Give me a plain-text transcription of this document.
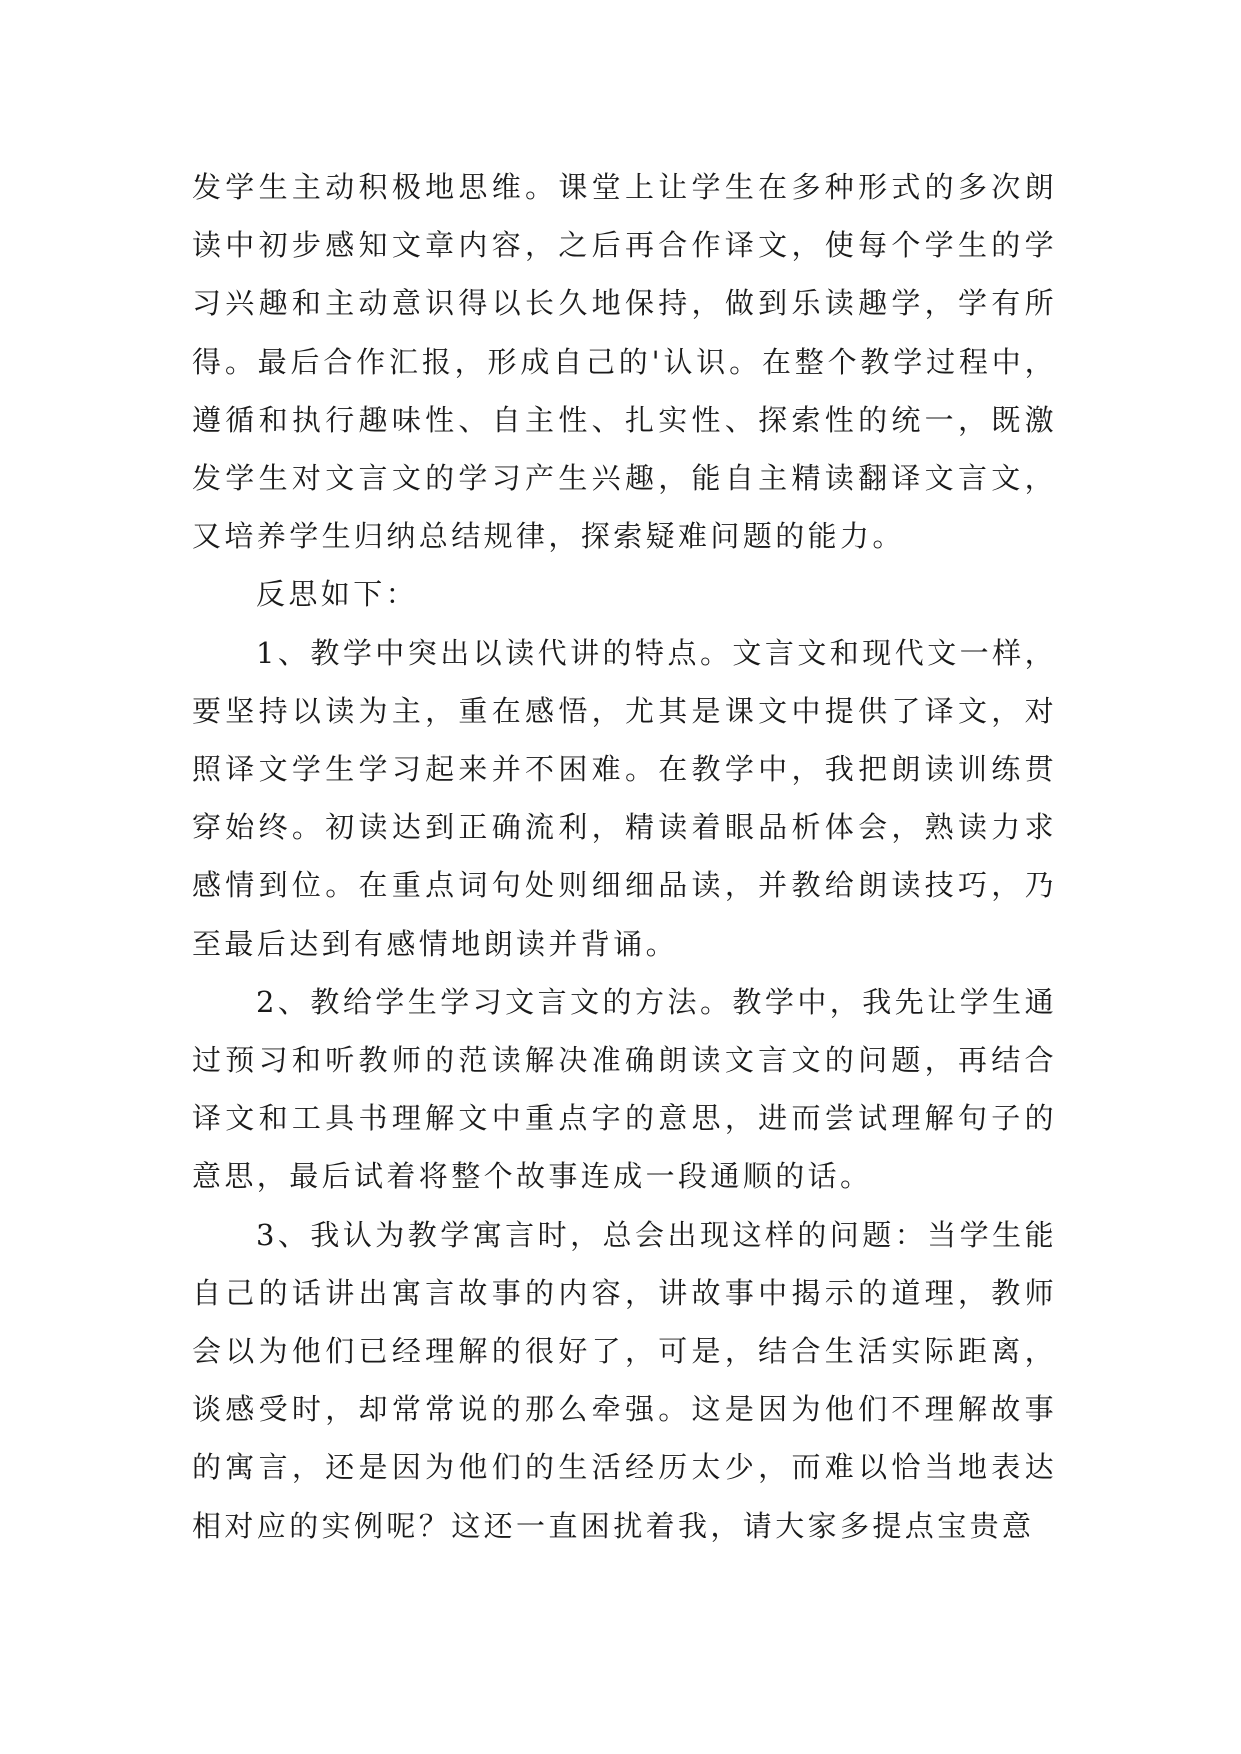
发学生主动积极地思维。课堂上让学生在多种形式的多次朗读中初步感知文章内容，之后再合作译文，使每个学生的学习兴趣和主动意识得以长久地保持，做到乐读趣学，学有所得。最后合作汇报，形成自己的'认识。在整个教学过程中，遵循和执行趣味性、自主性、扎实性、探索性的统一，既激发学生对文言文的学习产生兴趣，能自主精读翻译文言文，又培养学生归纳总结规律，探索疑难问题的能力。

反思如下：

1、教学中突出以读代讲的特点。文言文和现代文一样，要坚持以读为主，重在感悟，尤其是课文中提供了译文，对照译文学生学习起来并不困难。在教学中，我把朗读训练贯穿始终。初读达到正确流利，精读着眼品析体会，熟读力求感情到位。在重点词句处则细细品读，并教给朗读技巧，乃至最后达到有感情地朗读并背诵。

2、教给学生学习文言文的方法。教学中，我先让学生通过预习和听教师的范读解决准确朗读文言文的问题，再结合译文和工具书理解文中重点字的意思，进而尝试理解句子的意思，最后试着将整个故事连成一段通顺的话。

3、我认为教学寓言时，总会出现这样的问题：当学生能自己的话讲出寓言故事的内容，讲故事中揭示的道理，教师会以为他们已经理解的很好了，可是，结合生活实际距离，谈感受时，却常常说的那么牵强。这是因为他们不理解故事的寓言，还是因为他们的生活经历太少，而难以恰当地表达相对应的实例呢？这还一直困扰着我，请大家多提点宝贵意
